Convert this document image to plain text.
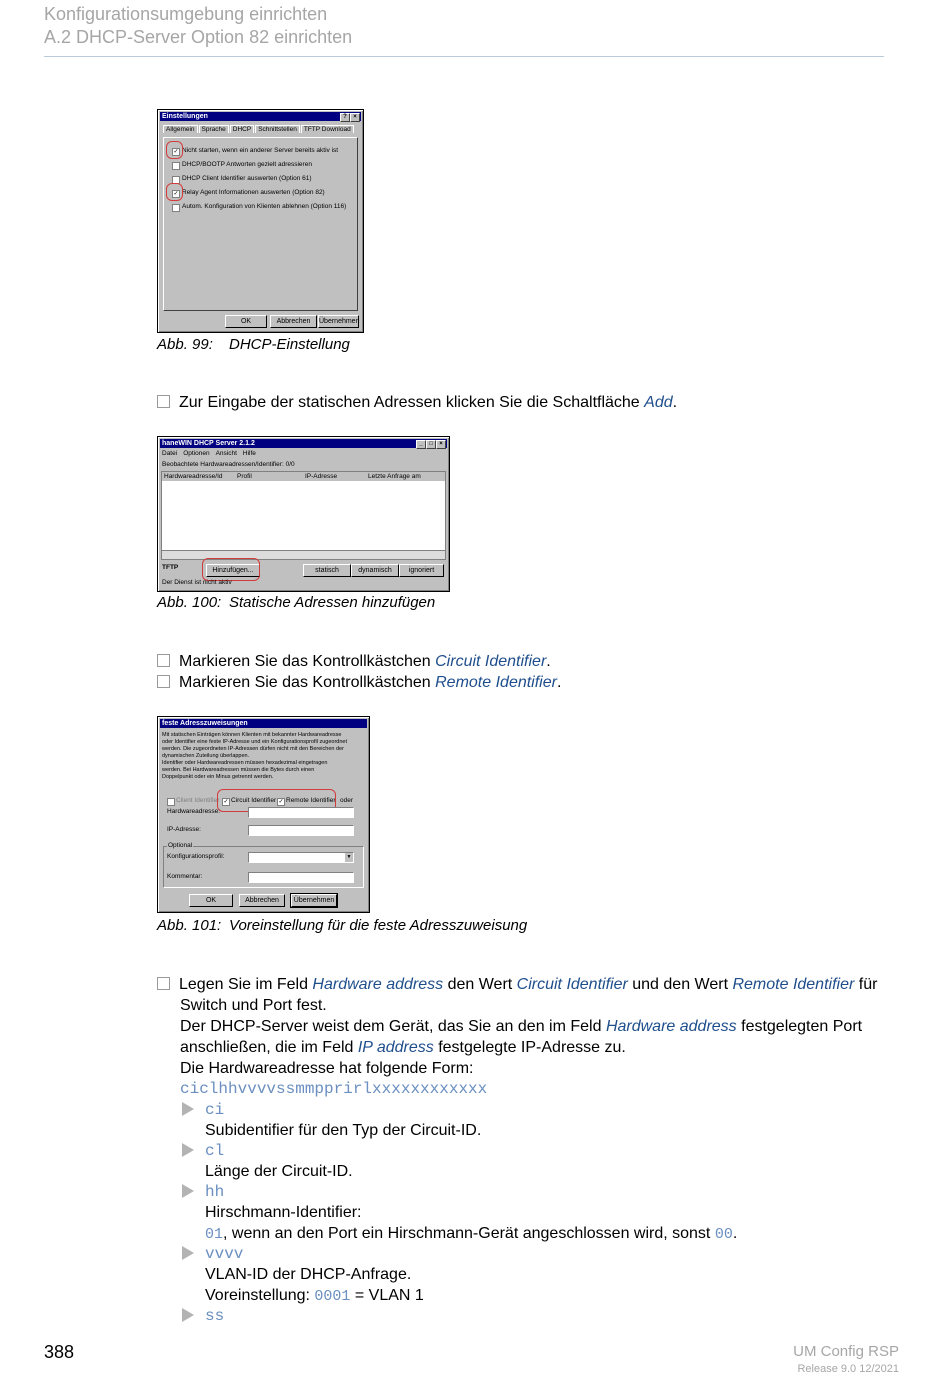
Konfigurationsumgebung einrichten
A.2 DHCP-Server Option 82 einrichten
Einstellungen	?	×
Allgemein Sprache DHCP Schnittstellen TFTP Download
✓ Nicht starten, wenn ein anderer Server bereits aktiv ist
DHCP/BOOTP Antworten gezielt adressieren
DHCP Client Identifier auswerten (Option 61)
✓ Relay Agent Informationen auswerten (Option 82)
Autom. Konfiguration von Klienten ablehnen (Option 116)
OK	Abbrechen	Übernehmen
Abb. 99: DHCP-Einstellung
Zur Eingabe der statischen Adressen klicken Sie die Schaltfläche Add.
haneWIN DHCP Server 2.1.2	_	□	×
Datei Optionen Ansicht Hilfe
Beobachtete Hardwareadressen/Identifier: 0/0
Hardwareadresse/Id Profil	IP-Adresse	Letzte Anfrage am
TFTP	Hinzufügen...	statisch	dynamisch	ignoriert
Der Dienst ist nicht aktiv
Abb. 100: Statische Adressen hinzufügen
Markieren Sie das Kontrollkästchen Circuit Identifier.
Markieren Sie das Kontrollkästchen Remote Identifier.
feste Adresszuweisungen
Mit statischen Einträgen können Klienten mit bekannter Hardwareadresse
oder Identifier eine feste IP-Adresse und ein Konfigurationsprofil zugeordnet
werden. Die zugeordneten IP-Adressen dürfen nicht mit den Bereichen der
dynamischen Zuteilung überlappen.
Identifier oder Hardwareadressen müssen hexadezimal eingetragen
werden. Bei Hardwareadressen müssen die Bytes durch einen
Doppelpunkt oder ein Minus getrennt werden.
Client Identifier ✓ Circuit Identifier ✓ Remote Identifier oder
Hardwareadresse:
IP-Adresse:
Optional
Konfigurationsprofil:	▼
Kommentar:
OK	Abbrechen	Übernehmen
Abb. 101: Voreinstellung für die feste Adresszuweisung
Legen Sie im Feld Hardware address den Wert Circuit Identifier und den Wert Remote Identifier für
Switch und Port fest.
Der DHCP-Server weist dem Gerät, das Sie an den im Feld Hardware address festgelegten Port
anschließen, die im Feld IP address festgelegte IP-Adresse zu.
Die Hardwareadresse hat folgende Form:
ciclhhvvvvssmmpprirlxxxxxxxxxxxx
ci
Subidentifier für den Typ der Circuit-ID.
cl
Länge der Circuit-ID.
hh
Hirschmann-Identifier:
01, wenn an den Port ein Hirschmann-Gerät angeschlossen wird, sonst 00.
vvvv
VLAN-ID der DHCP-Anfrage.
Voreinstellung: 0001 = VLAN 1
ss
388	UM Config RSP
Release 9.0 12/2021
